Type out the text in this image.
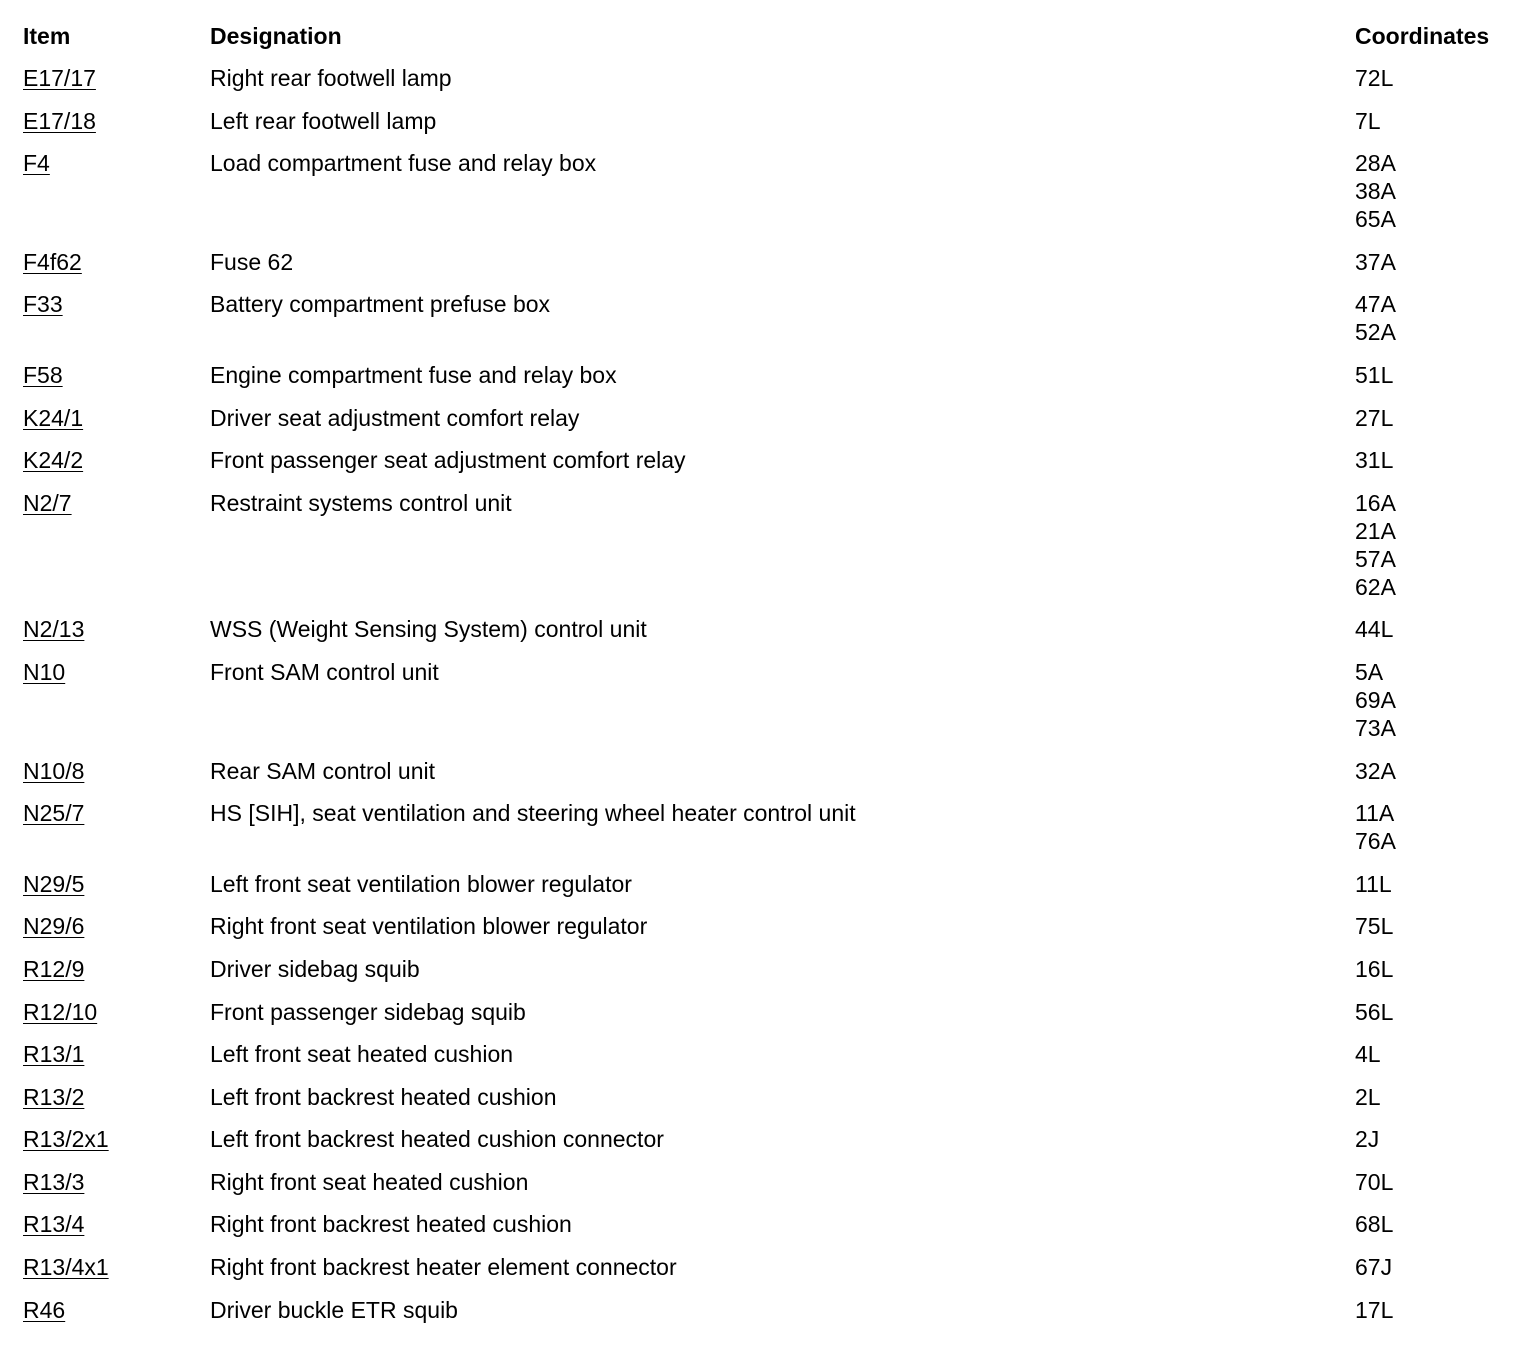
Item	Designation	Coordinates
E17/17	Right rear footwell lamp	72L
E17/18	Left rear footwell lamp	7L
F4	Load compartment fuse and relay box	28A
38A
65A
F4f62	Fuse 62	37A
F33	Battery compartment prefuse box	47A
52A
F58	Engine compartment fuse and relay box	51L
K24/1	Driver seat adjustment comfort relay	27L
K24/2	Front passenger seat adjustment comfort relay	31L
N2/7	Restraint systems control unit	16A
21A
57A
62A
N2/13	WSS (Weight Sensing System) control unit	44L
N10	Front SAM control unit	5A
69A
73A
N10/8	Rear SAM control unit	32A
N25/7	HS [SIH], seat ventilation and steering wheel heater control unit	11A
76A
N29/5	Left front seat ventilation blower regulator	11L
N29/6	Right front seat ventilation blower regulator	75L
R12/9	Driver sidebag squib	16L
R12/10	Front passenger sidebag squib	56L
R13/1	Left front seat heated cushion	4L
R13/2	Left front backrest heated cushion	2L
R13/2x1	Left front backrest heated cushion connector	2J
R13/3	Right front seat heated cushion	70L
R13/4	Right front backrest heated cushion	68L
R13/4x1	Right front backrest heater element connector	67J
R46	Driver buckle ETR squib	17L
